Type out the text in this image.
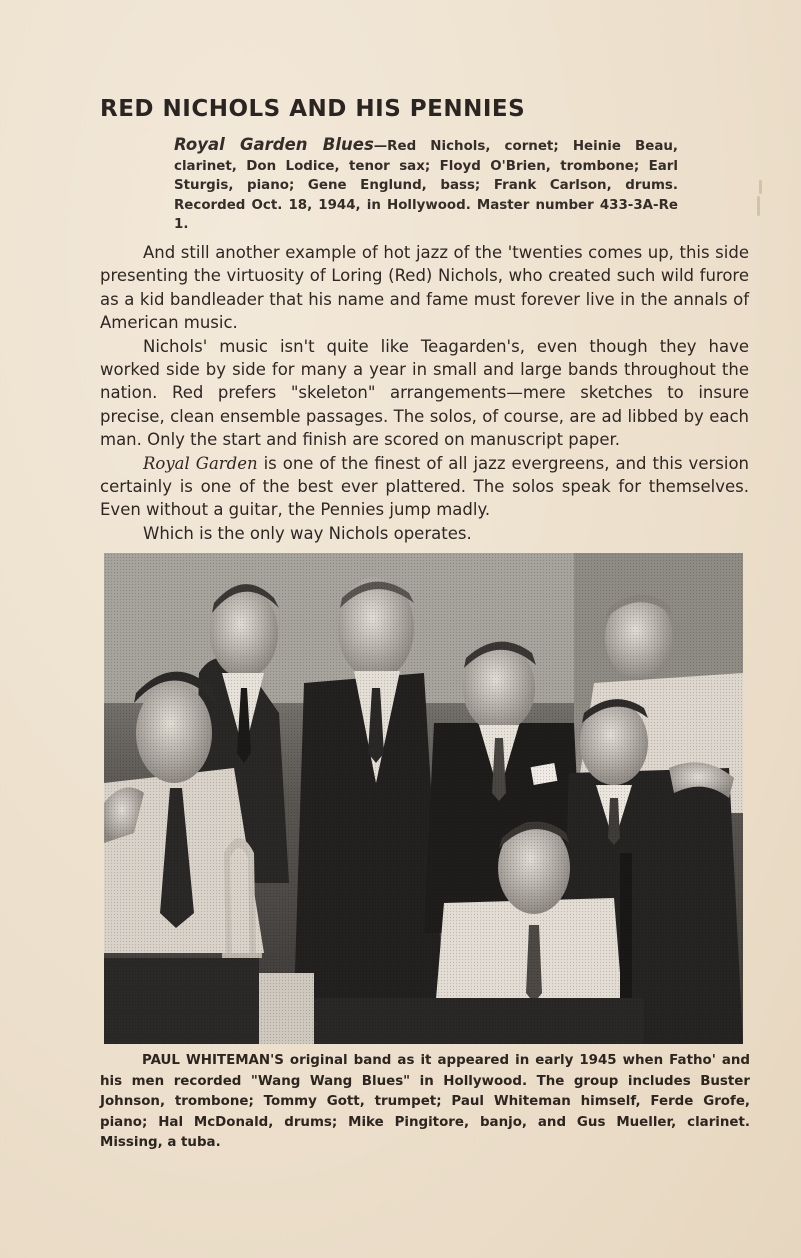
RED NICHOLS AND HIS PENNIES
Royal Garden Blues—Red Nichols, cornet; Heinie Beau, clarinet, Don Lodice, tenor sax; Floyd O'Brien, trombone; Earl Sturgis, piano; Gene Englund, bass; Frank Carlson, drums. Recorded Oct. 18, 1944, in Hollywood. Master number 433-3A-Re 1.

And still another example of hot jazz of the 'twenties comes up, this side presenting the virtuosity of Loring (Red) Nichols, who created such wild furore as a kid bandleader that his name and fame must forever live in the annals of American music.

Nichols' music isn't quite like Teagarden's, even though they have worked side by side for many a year in small and large bands throughout the nation. Red prefers "skeleton" arrangements—mere sketches to insure precise, clean ensemble passages. The solos, of course, are ad libbed by each man. Only the start and finish are scored on manuscript paper.

Royal Garden is one of the finest of all jazz evergreens, and this version certainly is one of the best ever plattered. The solos speak for themselves. Even without a guitar, the Pennies jump madly.

Which is the only way Nichols operates.

PAUL WHITEMAN'S original band as it appeared in early 1945 when Fatho' and his men recorded "Wang Wang Blues" in Hollywood. The group includes Buster Johnson, trombone; Tommy Gott, trumpet; Paul Whiteman himself, Ferde Grofe, piano; Hal McDonald, drums; Mike Pingitore, banjo, and Gus Mueller, clarinet. Missing, a tuba.
